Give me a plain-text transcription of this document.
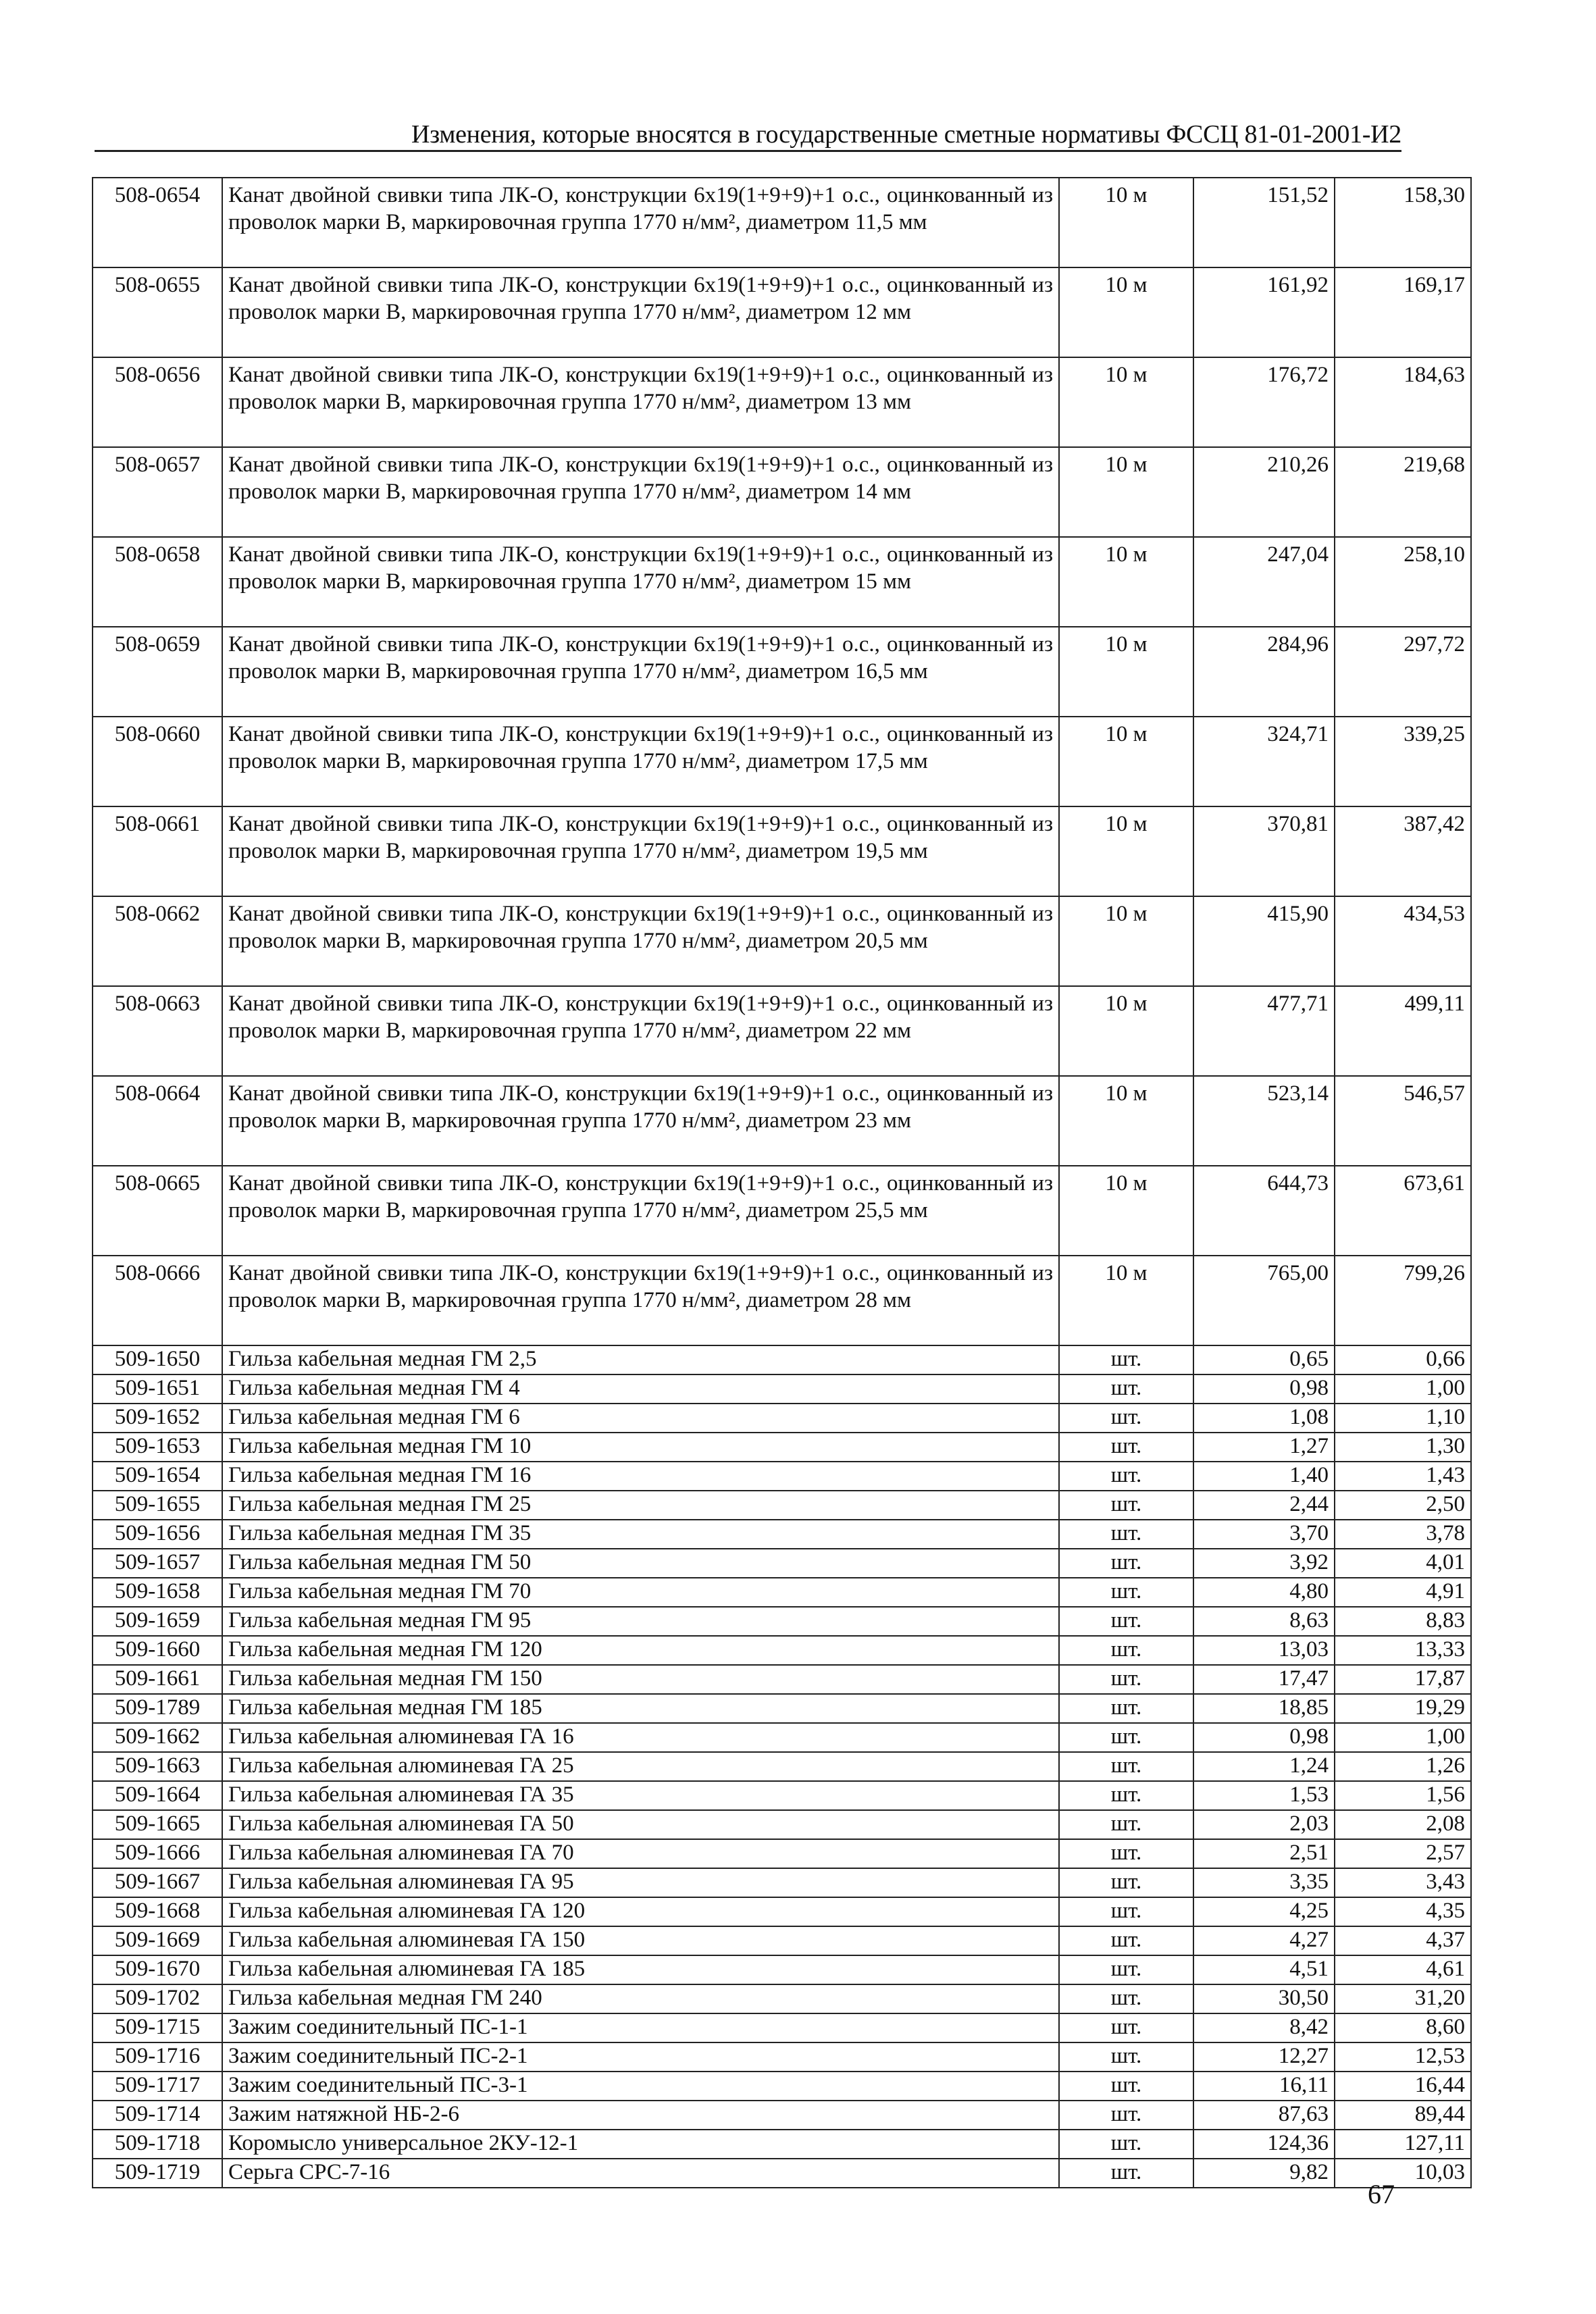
Изменения, которые вносятся в государственные сметные нормативы ФССЦ 81-01-2001-И2
508-0654	Канат двойной свивки типа ЛК-О, конструкции 6х19(1+9+9)+1 о.с., оцинкованный из проволок марки В, маркировочная группа 1770 н/мм², диаметром 11,5 мм	10 м	151,52	158,30
508-0655	Канат двойной свивки типа ЛК-О, конструкции 6х19(1+9+9)+1 о.с., оцинкованный из проволок марки В, маркировочная группа 1770 н/мм², диаметром 12 мм	10 м	161,92	169,17
508-0656	Канат двойной свивки типа ЛК-О, конструкции 6х19(1+9+9)+1 о.с., оцинкованный из проволок марки В, маркировочная группа 1770 н/мм², диаметром 13 мм	10 м	176,72	184,63
508-0657	Канат двойной свивки типа ЛК-О, конструкции 6х19(1+9+9)+1 о.с., оцинкованный из проволок марки В, маркировочная группа 1770 н/мм², диаметром 14 мм	10 м	210,26	219,68
508-0658	Канат двойной свивки типа ЛК-О, конструкции 6х19(1+9+9)+1 о.с., оцинкованный из проволок марки В, маркировочная группа 1770 н/мм², диаметром 15 мм	10 м	247,04	258,10
508-0659	Канат двойной свивки типа ЛК-О, конструкции 6х19(1+9+9)+1 о.с., оцинкованный из проволок марки В, маркировочная группа 1770 н/мм², диаметром 16,5 мм	10 м	284,96	297,72
508-0660	Канат двойной свивки типа ЛК-О, конструкции 6х19(1+9+9)+1 о.с., оцинкованный из проволок марки В, маркировочная группа 1770 н/мм², диаметром 17,5 мм	10 м	324,71	339,25
508-0661	Канат двойной свивки типа ЛК-О, конструкции 6х19(1+9+9)+1 о.с., оцинкованный из проволок марки В, маркировочная группа 1770 н/мм², диаметром 19,5 мм	10 м	370,81	387,42
508-0662	Канат двойной свивки типа ЛК-О, конструкции 6х19(1+9+9)+1 о.с., оцинкованный из проволок марки В, маркировочная группа 1770 н/мм², диаметром 20,5 мм	10 м	415,90	434,53
508-0663	Канат двойной свивки типа ЛК-О, конструкции 6х19(1+9+9)+1 о.с., оцинкованный из проволок марки В, маркировочная группа 1770 н/мм², диаметром 22 мм	10 м	477,71	499,11
508-0664	Канат двойной свивки типа ЛК-О, конструкции 6х19(1+9+9)+1 о.с., оцинкованный из проволок марки В, маркировочная группа 1770 н/мм², диаметром 23 мм	10 м	523,14	546,57
508-0665	Канат двойной свивки типа ЛК-О, конструкции 6х19(1+9+9)+1 о.с., оцинкованный из проволок марки В, маркировочная группа 1770 н/мм², диаметром 25,5 мм	10 м	644,73	673,61
508-0666	Канат двойной свивки типа ЛК-О, конструкции 6х19(1+9+9)+1 о.с., оцинкованный из проволок марки В, маркировочная группа 1770 н/мм², диаметром 28 мм	10 м	765,00	799,26
509-1650	Гильза кабельная медная ГМ 2,5	шт.	0,65	0,66
509-1651	Гильза кабельная медная ГМ 4	шт.	0,98	1,00
509-1652	Гильза кабельная медная ГМ 6	шт.	1,08	1,10
509-1653	Гильза кабельная медная ГМ 10	шт.	1,27	1,30
509-1654	Гильза кабельная медная ГМ 16	шт.	1,40	1,43
509-1655	Гильза кабельная медная ГМ 25	шт.	2,44	2,50
509-1656	Гильза кабельная медная ГМ 35	шт.	3,70	3,78
509-1657	Гильза кабельная медная ГМ 50	шт.	3,92	4,01
509-1658	Гильза кабельная медная ГМ 70	шт.	4,80	4,91
509-1659	Гильза кабельная медная ГМ 95	шт.	8,63	8,83
509-1660	Гильза кабельная медная ГМ 120	шт.	13,03	13,33
509-1661	Гильза кабельная медная ГМ 150	шт.	17,47	17,87
509-1789	Гильза кабельная медная ГМ 185	шт.	18,85	19,29
509-1662	Гильза кабельная алюминевая ГА 16	шт.	0,98	1,00
509-1663	Гильза кабельная алюминевая ГА 25	шт.	1,24	1,26
509-1664	Гильза кабельная алюминевая ГА 35	шт.	1,53	1,56
509-1665	Гильза кабельная алюминевая ГА 50	шт.	2,03	2,08
509-1666	Гильза кабельная алюминевая ГА 70	шт.	2,51	2,57
509-1667	Гильза кабельная алюминевая ГА 95	шт.	3,35	3,43
509-1668	Гильза кабельная алюминевая ГА 120	шт.	4,25	4,35
509-1669	Гильза кабельная алюминевая ГА 150	шт.	4,27	4,37
509-1670	Гильза кабельная алюминевая ГА 185	шт.	4,51	4,61
509-1702	Гильза кабельная медная ГМ 240	шт.	30,50	31,20
509-1715	Зажим соединительный ПС-1-1	шт.	8,42	8,60
509-1716	Зажим соединительный ПС-2-1	шт.	12,27	12,53
509-1717	Зажим соединительный ПС-3-1	шт.	16,11	16,44
509-1714	Зажим натяжной НБ-2-6	шт.	87,63	89,44
509-1718	Коромысло универсальное 2КУ-12-1	шт.	124,36	127,11
509-1719	Серьга СРС-7-16	шт.	9,82	10,03
67
